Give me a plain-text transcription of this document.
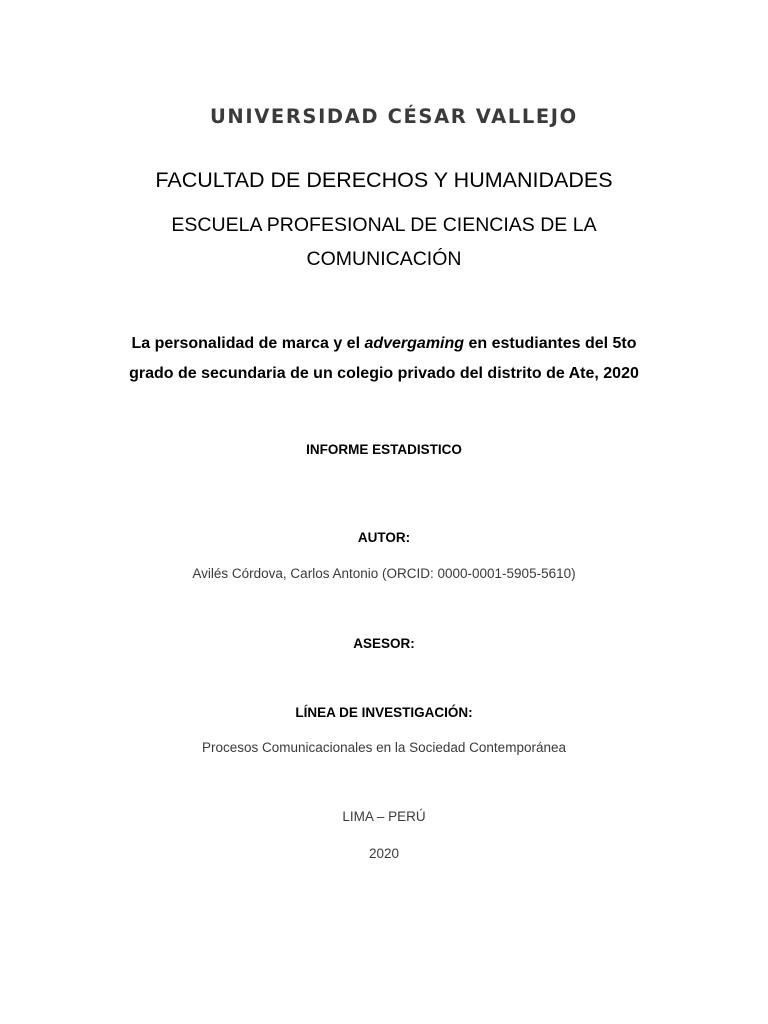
UNIVERSIDAD CÉSAR VALLEJO
FACULTAD DE DERECHOS Y HUMANIDADES
ESCUELA PROFESIONAL DE CIENCIAS DE LA
COMUNICACIÓN
La personalidad de marca y el advergaming en estudiantes del 5to
grado de secundaria de un colegio privado del distrito de Ate, 2020
INFORME ESTADISTICO
AUTOR:
Avilés Córdova, Carlos Antonio (ORCID: 0000-0001-5905-5610)
ASESOR:
LÍNEA DE INVESTIGACIÓN:
Procesos Comunicacionales en la Sociedad Contemporánea
LIMA – PERÚ
2020
